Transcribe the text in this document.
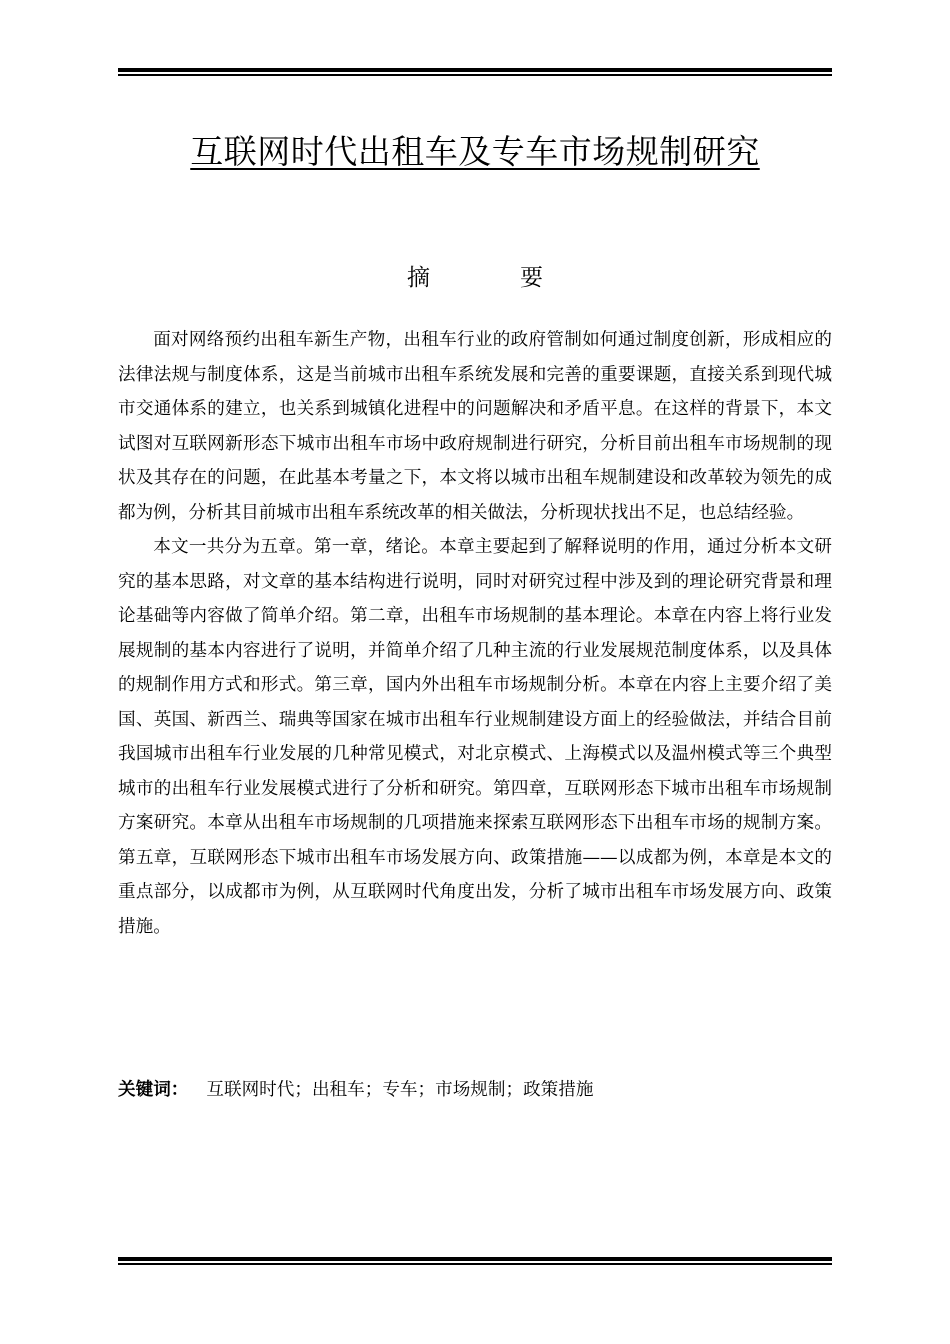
互联网时代出租车及专车市场规制研究
摘要

面对网络预约出租车新生产物，出租车行业的政府管制如何通过制度创新，形成相应的法律法规与制度体系，这是当前城市出租车系统发展和完善的重要课题，直接关系到现代城市交通体系的建立，也关系到城镇化进程中的问题解决和矛盾平息。在这样的背景下，本文试图对互联网新形态下城市出租车市场中政府规制进行研究，分析目前出租车市场规制的现状及其存在的问题，在此基本考量之下，本文将以城市出租车规制建设和改革较为领先的成都为例，分析其目前城市出租车系统改革的相关做法，分析现状找出不足，也总结经验。

本文一共分为五章。第一章，绪论。本章主要起到了解释说明的作用，通过分析本文研究的基本思路，对文章的基本结构进行说明，同时对研究过程中涉及到的理论研究背景和理论基础等内容做了简单介绍。第二章，出租车市场规制的基本理论。本章在内容上将行业发展规制的基本内容进行了说明，并简单介绍了几种主流的行业发展规范制度体系，以及具体的规制作用方式和形式。第三章，国内外出租车市场规制分析。本章在内容上主要介绍了美国、英国、新西兰、瑞典等国家在城市出租车行业规制建设方面上的经验做法，并结合目前我国城市出租车行业发展的几种常见模式，对北京模式、上海模式以及温州模式等三个典型城市的出租车行业发展模式进行了分析和研究。第四章，互联网形态下城市出租车市场规制方案研究。本章从出租车市场规制的几项措施来探索互联网形态下出租车市场的规制方案。第五章，互联网形态下城市出租车市场发展方向、政策措施——以成都为例，本章是本文的重点部分，以成都市为例，从互联网时代角度出发，分析了城市出租车市场发展方向、政策措施。

关键词： 互联网时代；出租车；专车；市场规制；政策措施
